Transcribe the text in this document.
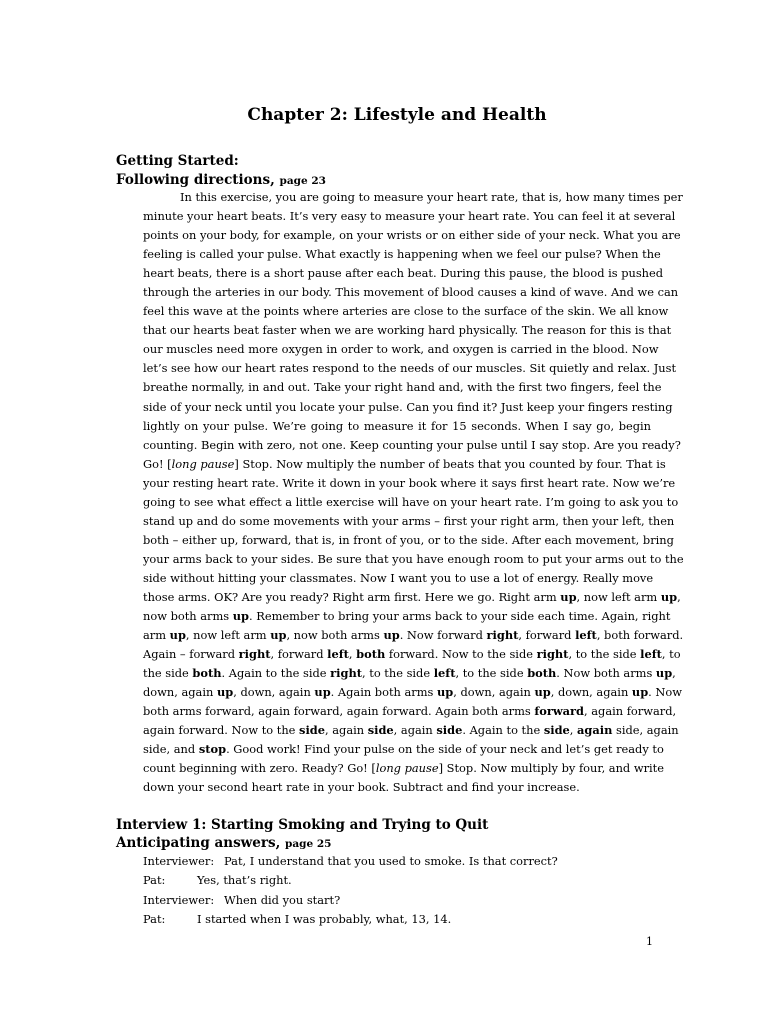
Chapter 2: Lifestyle and Health

Getting Started:

Following directions, page 23

In this exercise, you are going to measure your heart rate, that is, how many times per
minute your heart beats. It’s very easy to measure your heart rate. You can feel it at several
points on your body, for example, on your wrists or on either side of your neck. What you are
feeling is called your pulse. What exactly is happening when we feel our pulse? When the
heart beats, there is a short pause after each beat. During this pause, the blood is pushed
through the arteries in our body. This movement of blood causes a kind of wave. And we can
feel this wave at the points where arteries are close to the surface of the skin. We all know
that our hearts beat faster when we are working hard physically. The reason for this is that
our muscles need more oxygen in order to work, and oxygen is carried in the blood. Now
let’s see how our heart rates respond to the needs of our muscles. Sit quietly and relax. Just
breathe normally, in and out. Take your right hand and, with the first two fingers, feel the
side of your neck until you locate your pulse. Can you find it? Just keep your fingers resting
lightly on your pulse. We’re going to measure it for 15 seconds. When I say go, begin
counting. Begin with zero, not one. Keep counting your pulse until I say stop. Are you ready?
Go! [long pause] Stop. Now multiply the number of beats that you counted by four. That is
your resting heart rate. Write it down in your book where it says first heart rate. Now we’re
going to see what effect a little exercise will have on your heart rate. I’m going to ask you to
stand up and do some movements with your arms – first your right arm, then your left, then
both – either up, forward, that is, in front of you, or to the side. After each movement, bring
your arms back to your sides. Be sure that you have enough room to put your arms out to the
side without hitting your classmates. Now I want you to use a lot of energy. Really move
those arms. OK? Are you ready? Right arm first. Here we go. Right arm up, now left arm up,
now both arms up. Remember to bring your arms back to your side each time. Again, right
arm up, now left arm up, now both arms up. Now forward right, forward left, both forward.
Again – forward right, forward left, both forward. Now to the side right, to the side left, to
the side both. Again to the side right, to the side left, to the side both. Now both arms up,
down, again up, down, again up. Again both arms up, down, again up, down, again up. Now
both arms forward, again forward, again forward. Again both arms forward, again forward,
again forward. Now to the side, again side, again side. Again to the side, again side, again
side, and stop. Good work! Find your pulse on the side of your neck and let’s get ready to
count beginning with zero. Ready? Go! [long pause] Stop. Now multiply by four, and write
down your second heart rate in your book. Subtract and find your increase.

Interview 1: Starting Smoking and Trying to Quit

Anticipating answers, page 25

Interviewer: Pat, I understand that you used to smoke. Is that correct?
Pat:	Yes, that’s right.
Interviewer: When did you start?
Pat:	I started when I was probably, what, 13, 14.

1
